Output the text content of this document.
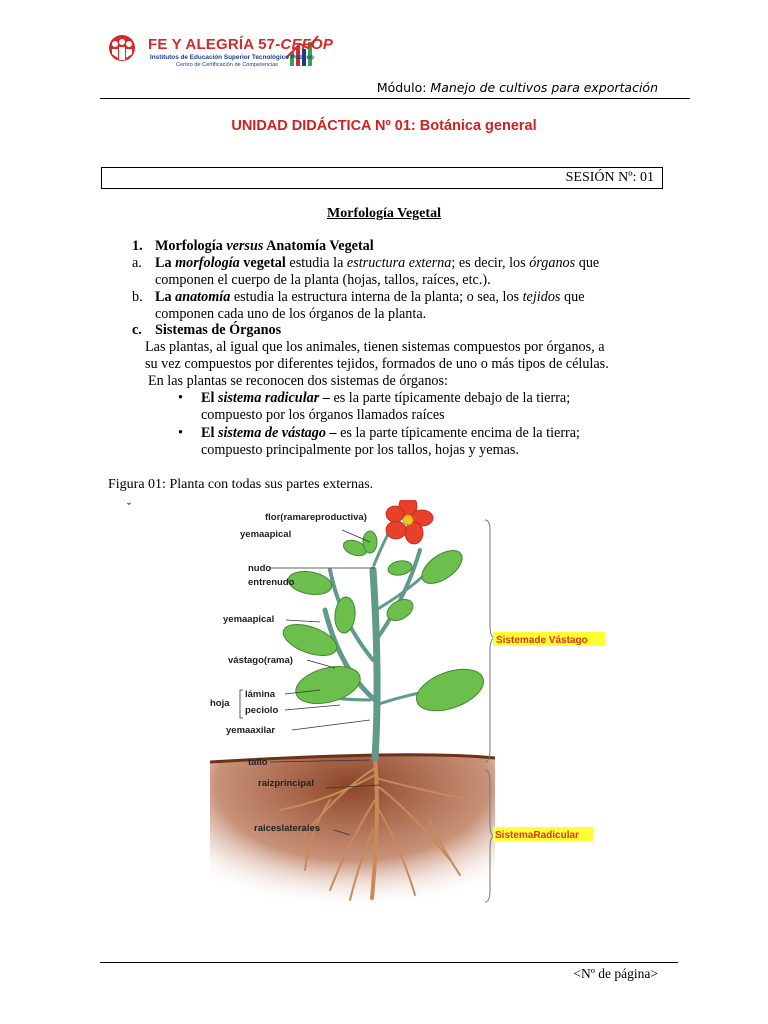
FE Y ALEGRÍA 57-CEFOP
Institutos de Educación Superior Tecnológico Público
Centro de Certificación de Competencias
Módulo: Manejo de cultivos para exportación
UNIDAD DIDÁCTICA Nº 01: Botánica general
SESIÓN Nº: 01
Morfología Vegetal
1. Morfología versus Anatomía Vegetal
a. La morfología vegetal estudia la estructura externa; es decir, los órganos que
componen el cuerpo de la planta (hojas, tallos, raíces, etc.).
b. La anatomía estudia la estructura interna de la planta; o sea, los tejidos que
componen cada uno de los órganos de la planta.
c. Sistemas de Órganos
Las plantas, al igual que los animales, tienen sistemas compuestos por órganos, a
su vez compuestos por diferentes tejidos, formados de uno o más tipos de células.
En las plantas se reconocen dos sistemas de órganos:
• El sistema radicular – es la parte típicamente debajo de la tierra;
compuesto por los órganos llamados raíces
• El sistema de vástago – es la parte típicamente encima de la tierra;
compuesto principalmente por los tallos, hojas y yemas.
Figura 01: Planta con todas sus partes externas.
ˇ
flor(ramareproductiva)
yemaapical
nudo
entrenudo
yemaapical
vástago(rama)
hoja
lámina
peciolo
yemaaxilar
tallo
raizprincipal
raiceslaterales
Sistemade Vástago
SistemaRadicular
<Nº de página>
